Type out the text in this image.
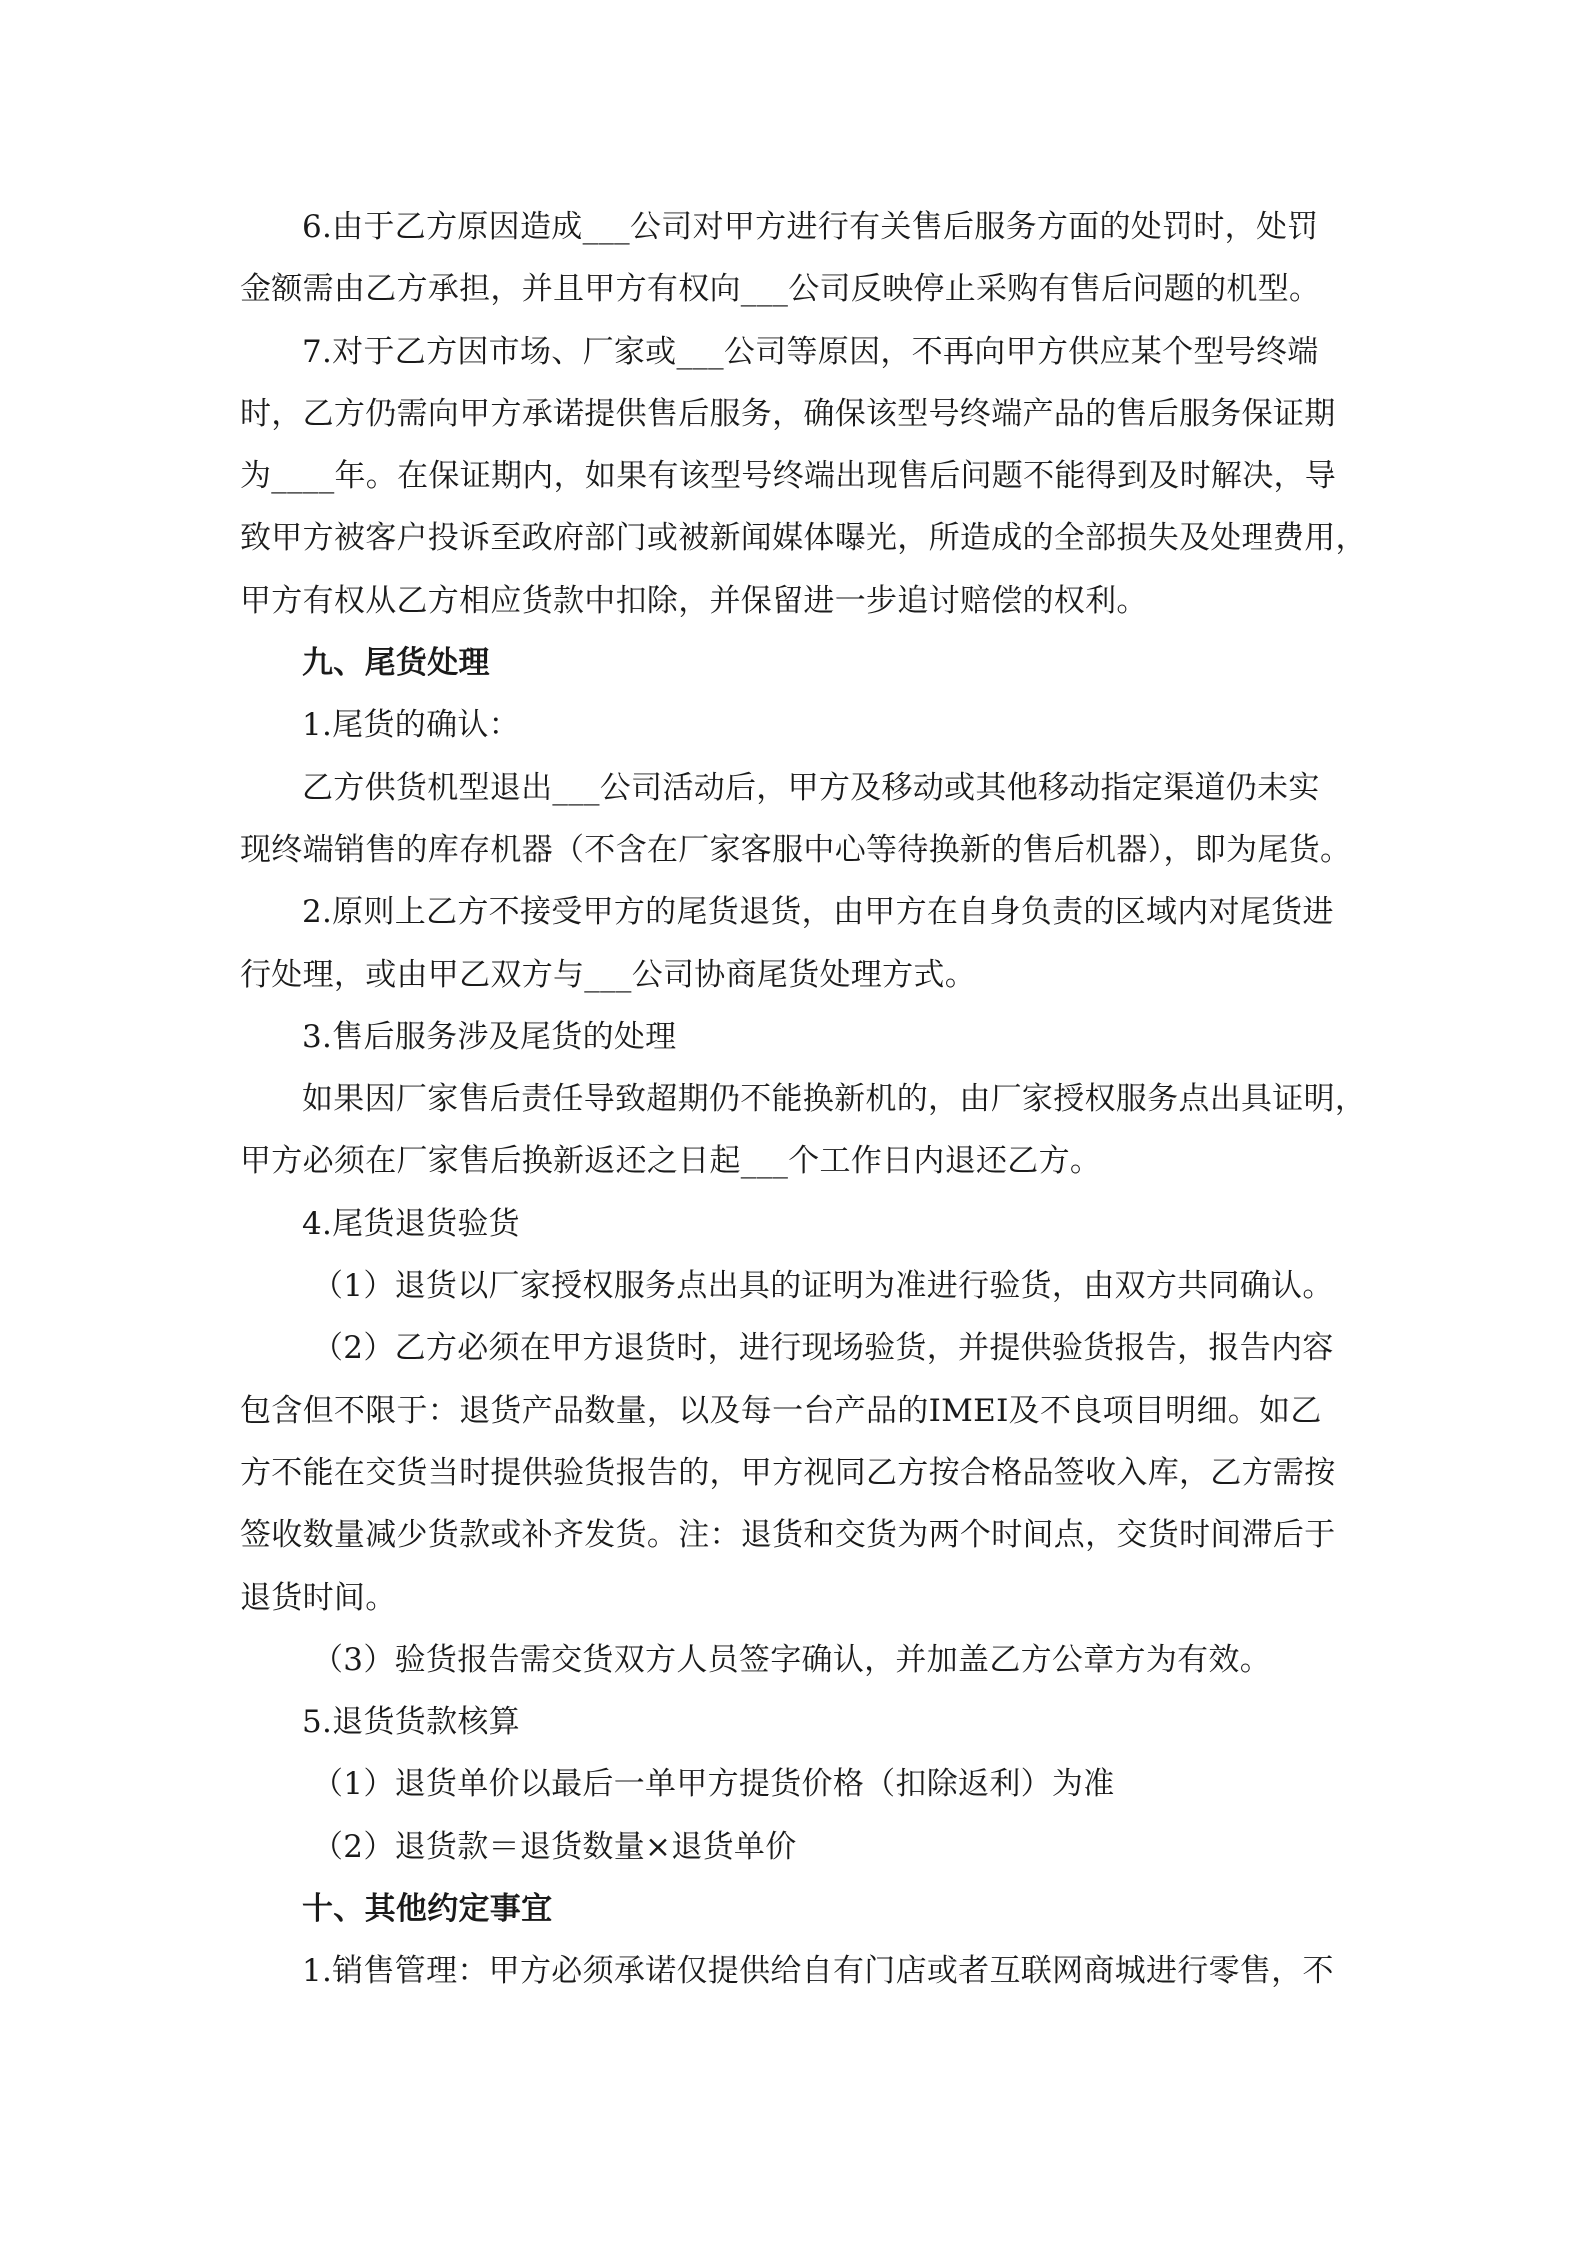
6.由于乙方原因造成___公司对甲方进行有关售后服务方面的处罚时，处罚
金额需由乙方承担，并且甲方有权向___公司反映停止采购有售后问题的机型。
7.对于乙方因市场、厂家或___公司等原因，不再向甲方供应某个型号终端
时，乙方仍需向甲方承诺提供售后服务，确保该型号终端产品的售后服务保证期
为____年。在保证期内，如果有该型号终端出现售后问题不能得到及时解决，导
致甲方被客户投诉至政府部门或被新闻媒体曝光，所造成的全部损失及处理费用，
甲方有权从乙方相应货款中扣除，并保留进一步追讨赔偿的权利。
九、尾货处理
1.尾货的确认：
乙方供货机型退出___公司活动后，甲方及移动或其他移动指定渠道仍未实
现终端销售的库存机器（不含在厂家客服中心等待换新的售后机器），即为尾货。
2.原则上乙方不接受甲方的尾货退货，由甲方在自身负责的区域内对尾货进
行处理，或由甲乙双方与___公司协商尾货处理方式。
3.售后服务涉及尾货的处理
如果因厂家售后责任导致超期仍不能换新机的，由厂家授权服务点出具证明，
甲方必须在厂家售后换新返还之日起___个工作日内退还乙方。
4.尾货退货验货
（1）退货以厂家授权服务点出具的证明为准进行验货，由双方共同确认。
（2）乙方必须在甲方退货时，进行现场验货，并提供验货报告，报告内容
包含但不限于：退货产品数量，以及每一台产品的IMEI及不良项目明细。如乙
方不能在交货当时提供验货报告的，甲方视同乙方按合格品签收入库，乙方需按
签收数量减少货款或补齐发货。注：退货和交货为两个时间点，交货时间滞后于
退货时间。
（3）验货报告需交货双方人员签字确认，并加盖乙方公章方为有效。
5.退货货款核算
（1）退货单价以最后一单甲方提货价格（扣除返利）为准
（2）退货款＝退货数量×退货单价
十、其他约定事宜
1.销售管理：甲方必须承诺仅提供给自有门店或者互联网商城进行零售，不
